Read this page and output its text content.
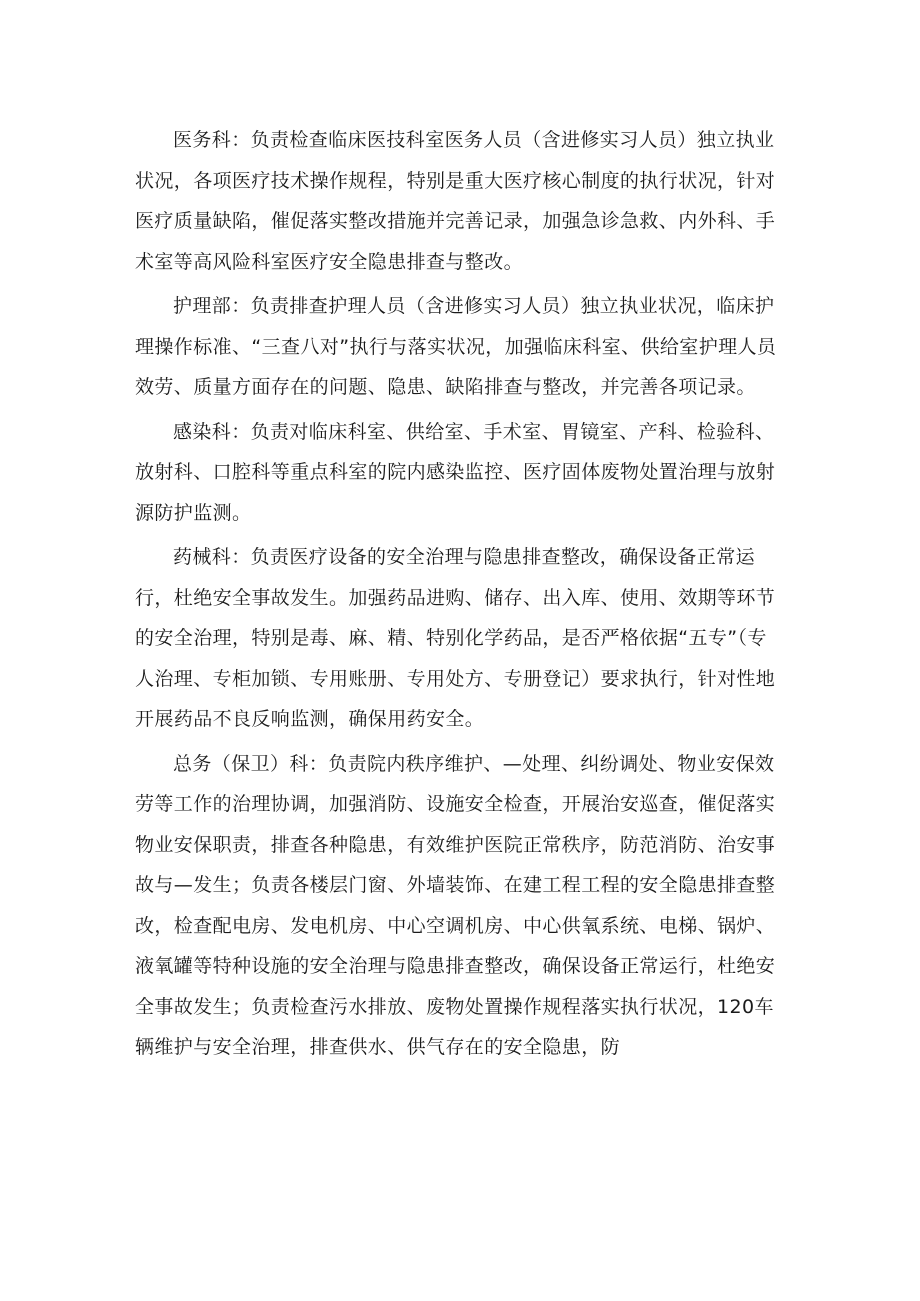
医务科：负责检查临床医技科室医务人员（含进修实习人员）独立执业状况，各项医疗技术操作规程，特别是重大医疗核心制度的执行状况，针对医疗质量缺陷，催促落实整改措施并完善记录，加强急诊急救、内外科、手术室等高风险科室医疗安全隐患排查与整改。

护理部：负责排查护理人员（含进修实习人员）独立执业状况，临床护理操作标准、“三查八对”执行与落实状况，加强临床科室、供给室护理人员效劳、质量方面存在的问题、隐患、缺陷排查与整改，并完善各项记录。

感染科：负责对临床科室、供给室、手术室、胃镜室、产科、检验科、放射科、口腔科等重点科室的院内感染监控、医疗固体废物处置治理与放射源防护监测。

药械科：负责医疗设备的安全治理与隐患排查整改，确保设备正常运行，杜绝安全事故发生。加强药品进购、储存、出入库、使用、效期等环节的安全治理，特别是毒、麻、精、特别化学药品，是否严格依据“五专”（专人治理、专柜加锁、专用账册、专用处方、专册登记）要求执行，针对性地开展药品不良反响监测，确保用药安全。

总务（保卫）科：负责院内秩序维护、—处理、纠纷调处、物业安保效劳等工作的治理协调，加强消防、设施安全检查，开展治安巡查，催促落实物业安保职责，排查各种隐患，有效维护医院正常秩序，防范消防、治安事故与—发生；负责各楼层门窗、外墙装饰、在建工程工程的安全隐患排查整改，检查配电房、发电机房、中心空调机房、中心供氧系统、电梯、锅炉、液氧罐等特种设施的安全治理与隐患排查整改，确保设备正常运行，杜绝安全事故发生；负责检查污水排放、废物处置操作规程落实执行状况，120车辆维护与安全治理，排查供水、供气存在的安全隐患，防
